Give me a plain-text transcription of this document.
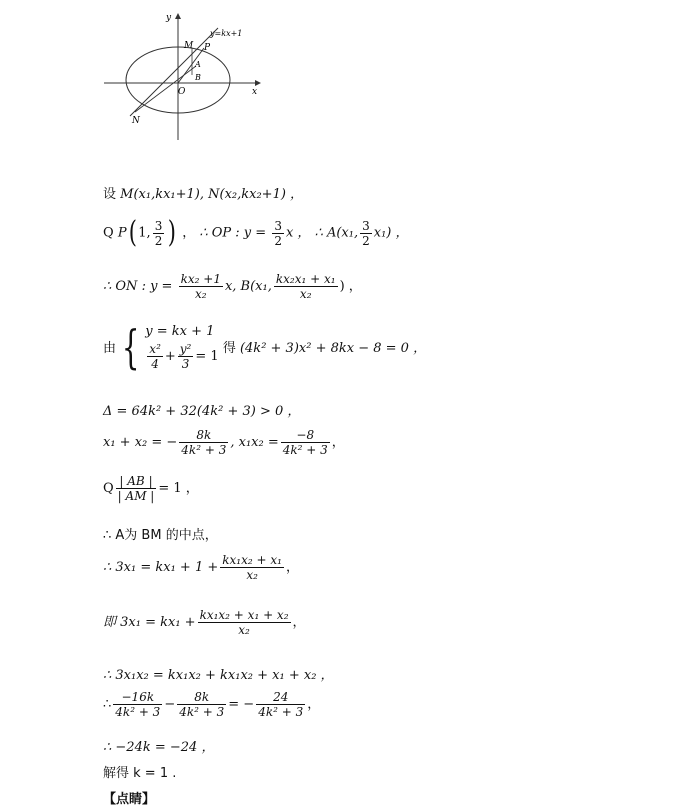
y
x
O
M P
A
B
N
y=kx+1
设 M(x₁,kx₁+1), N(x₂,kx₂+1) ，
Q P( 1, $\frac{3}{2}$ ) ， ∴ OP : $y = \frac{3}{2}$ x ， ∴ A(x₁, $\frac{3}{2} x_1$) ，
∴ ON : $y = \frac{\text{kx₂ +1}}{\text{x₂}} x$, B(x₁, $\frac{\text{kx₂x₁ + x₁}}{\text{x₂}}$ ) ，
由 { y = kx + 1
$\frac{\text{x²}}{4} + \frac{\text{y²}}{3} = 1$
得 (4k² + 3)x² + 8kx − 8 = 0 ，
Δ = 64k² + 32(4k² + 3) > 0 ，
x₁ + x₂ = − $\frac{8k}{\text{4k² + 3}}$ , $x_1x_2 = \frac{-8}{\text{4k² + 3}}$ ，
Q $\frac{| AB |}{| AM |} = 1$ ，
∴ A为 BM 的中点，
∴ $3x_1 = kx_1 + 1 + \frac{\text{kx₁x₂ + x₁}}{\text{x₂}}$ ，
即 $3x_1 = kx_1 + \frac{\text{kx₁x₂ + x₁ + x₂}}{\text{x₂}}$ ，
∴ 3x₁x₂ = kx₁x₂ + kx₁x₂ + x₁ + x₂ ，
∴ $\frac{-16k}{\text{4k² + 3}} - \frac{8k}{\text{4k² + 3}}$ = − $\frac{24}{\text{4k² + 3}}$ ，
∴ −24k = −24 ，
解得 k = 1 .
【点睛】
